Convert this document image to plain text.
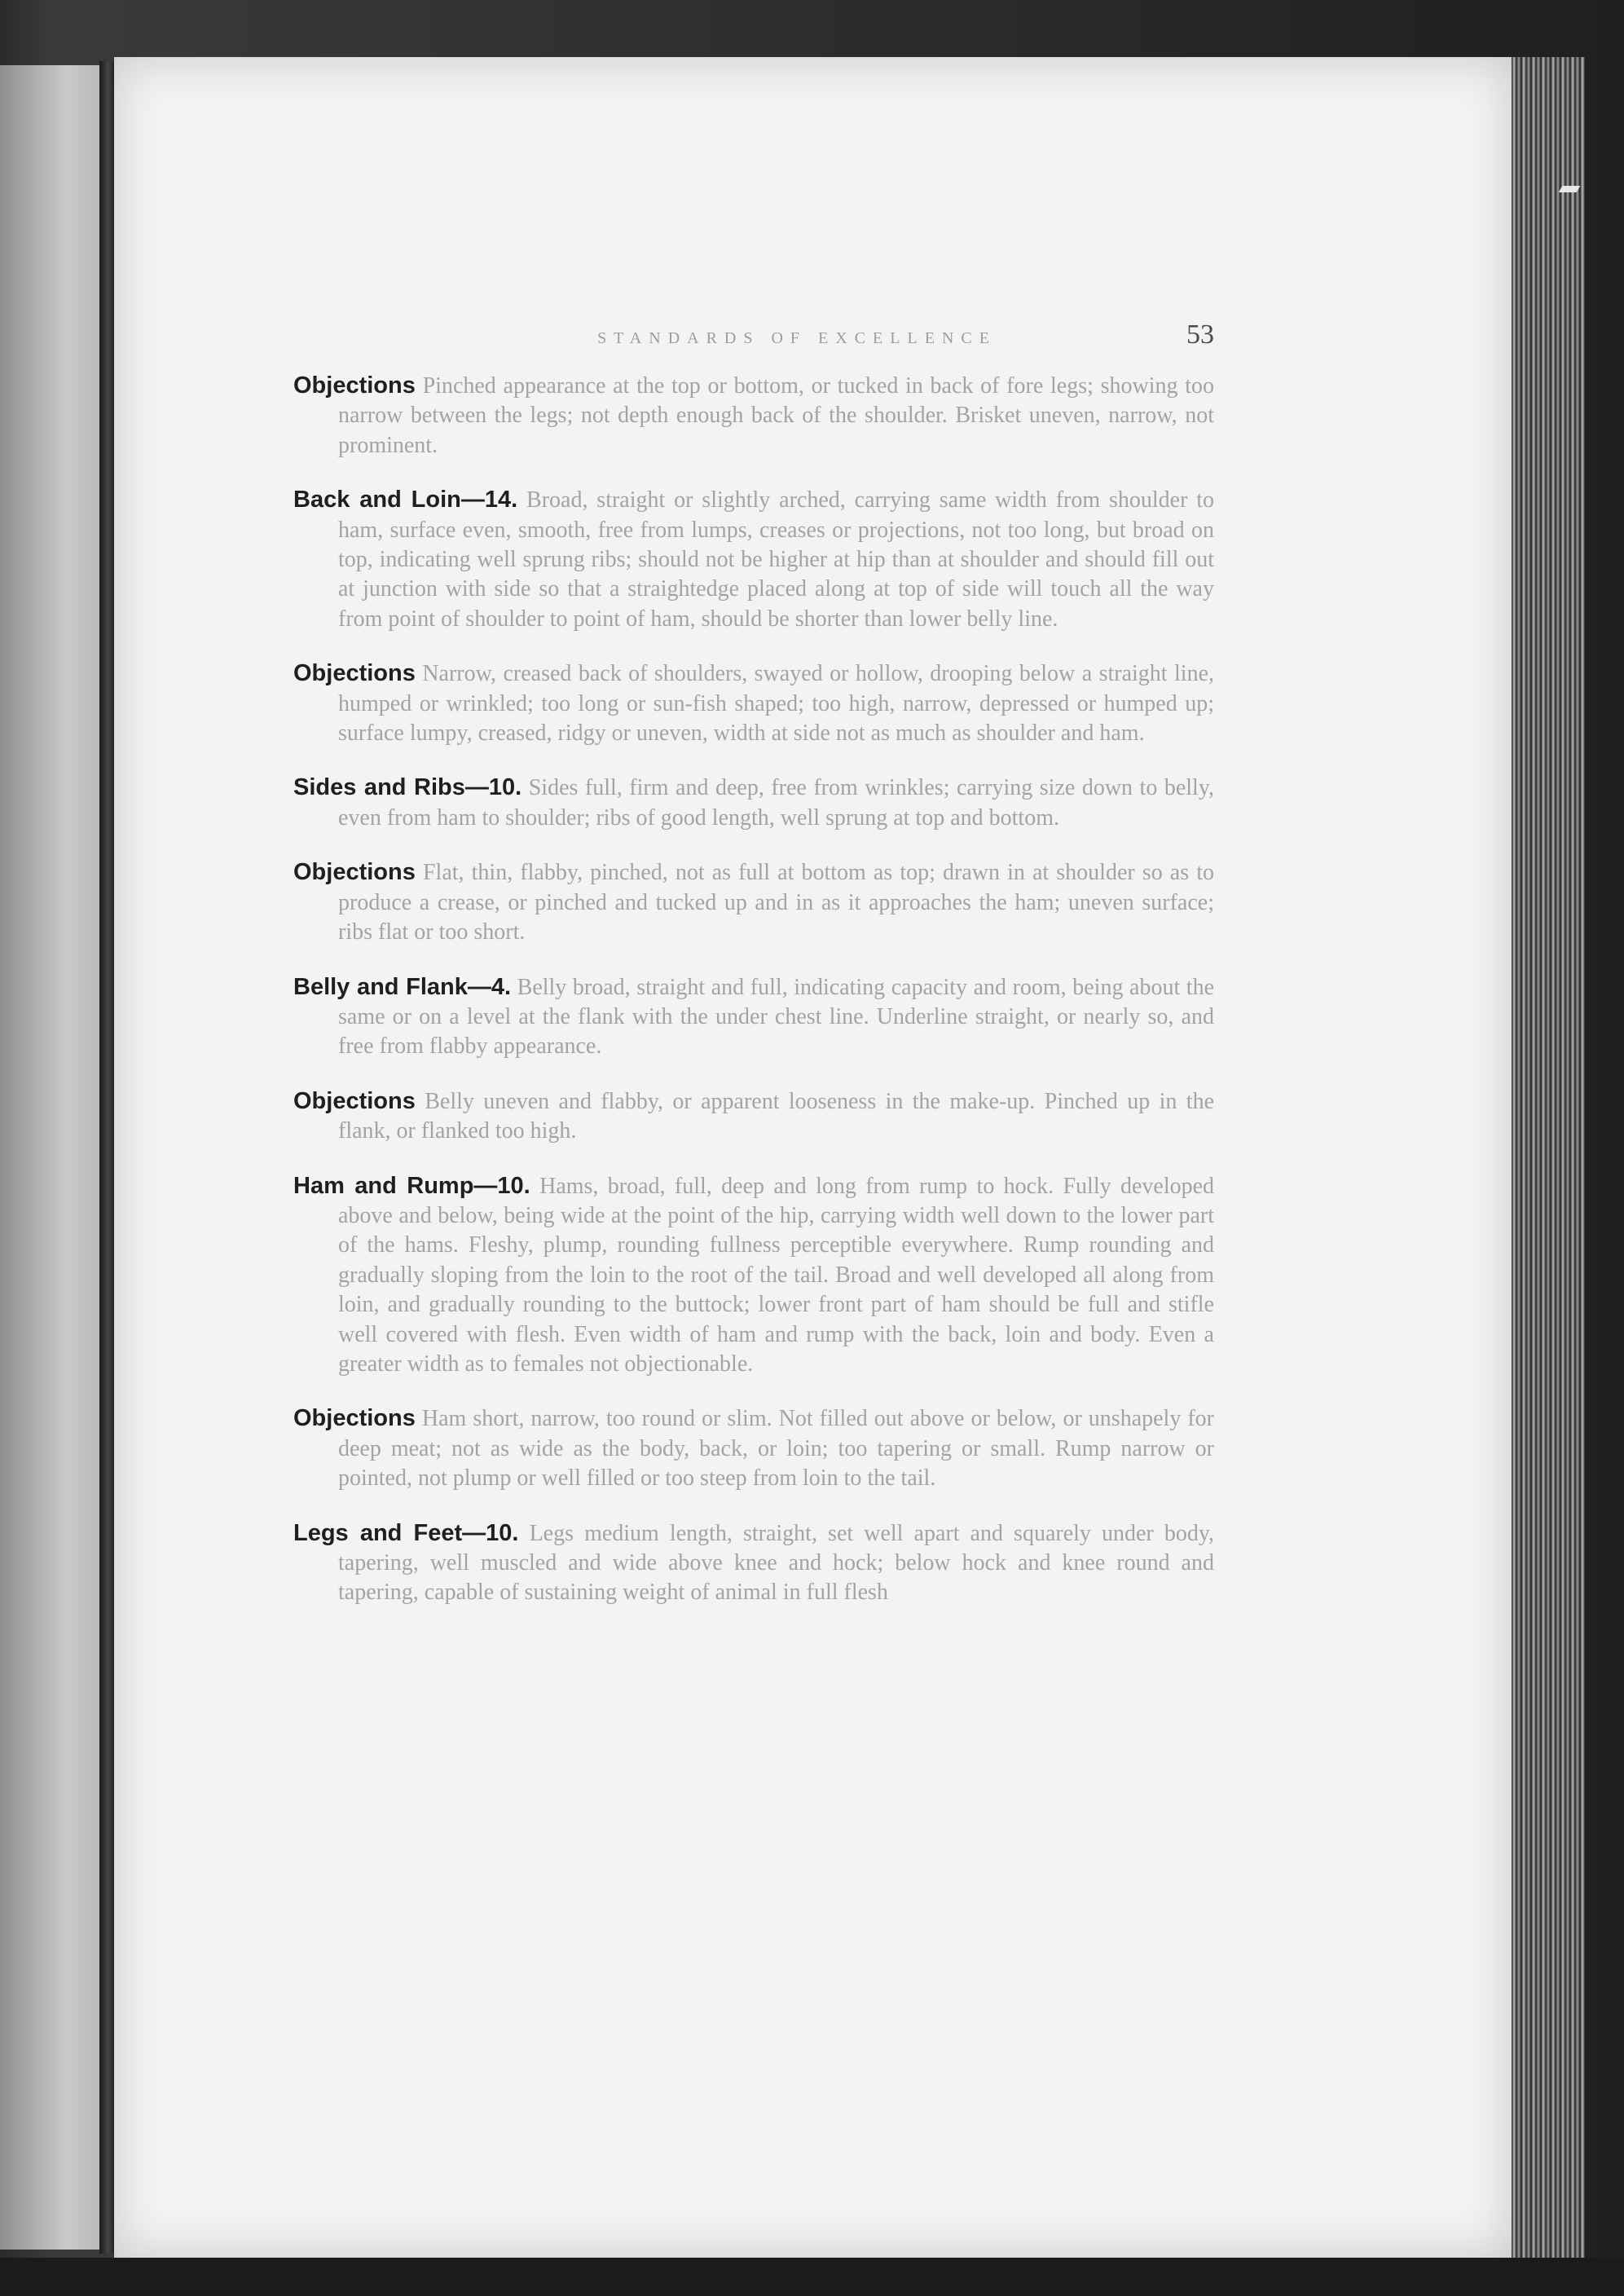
STANDARDS OF EXCELLENCE	53

Objections Pinched appearance at the top or bottom, or tucked in back of fore legs; showing too narrow between the legs; not depth enough back of the shoulder. Brisket uneven, narrow, not prominent.

Back and Loin—14. Broad, straight or slightly arched, carrying same width from shoulder to ham, surface even, smooth, free from lumps, creases or projections, not too long, but broad on top, indicating well sprung ribs; should not be higher at hip than at shoulder and should fill out at junction with side so that a straightedge placed along at top of side will touch all the way from point of shoulder to point of ham, should be shorter than lower belly line.

Objections Narrow, creased back of shoulders, swayed or hollow, drooping below a straight line, humped or wrinkled; too long or sun-fish shaped; too high, narrow, depressed or humped up; surface lumpy, creased, ridgy or uneven, width at side not as much as shoulder and ham.

Sides and Ribs—10. Sides full, firm and deep, free from wrinkles; carrying size down to belly, even from ham to shoulder; ribs of good length, well sprung at top and bottom.

Objections Flat, thin, flabby, pinched, not as full at bottom as top; drawn in at shoulder so as to produce a crease, or pinched and tucked up and in as it approaches the ham; uneven surface; ribs flat or too short.

Belly and Flank—4. Belly broad, straight and full, indicating capacity and room, being about the same or on a level at the flank with the under chest line. Underline straight, or nearly so, and free from flabby appearance.

Objections Belly uneven and flabby, or apparent looseness in the make-up. Pinched up in the flank, or flanked too high.

Ham and Rump—10. Hams, broad, full, deep and long from rump to hock. Fully developed above and below, being wide at the point of the hip, carrying width well down to the lower part of the hams. Fleshy, plump, rounding fullness perceptible everywhere. Rump rounding and gradually sloping from the loin to the root of the tail. Broad and well developed all along from loin, and gradually rounding to the buttock; lower front part of ham should be full and stifle well covered with flesh. Even width of ham and rump with the back, loin and body. Even a greater width as to females not objectionable.

Objections Ham short, narrow, too round or slim. Not filled out above or below, or unshapely for deep meat; not as wide as the body, back, or loin; too tapering or small. Rump narrow or pointed, not plump or well filled or too steep from loin to the tail.

Legs and Feet—10. Legs medium length, straight, set well apart and squarely under body, tapering, well muscled and wide above knee and hock; below hock and knee round and tapering, capable of sustaining weight of animal in full flesh
